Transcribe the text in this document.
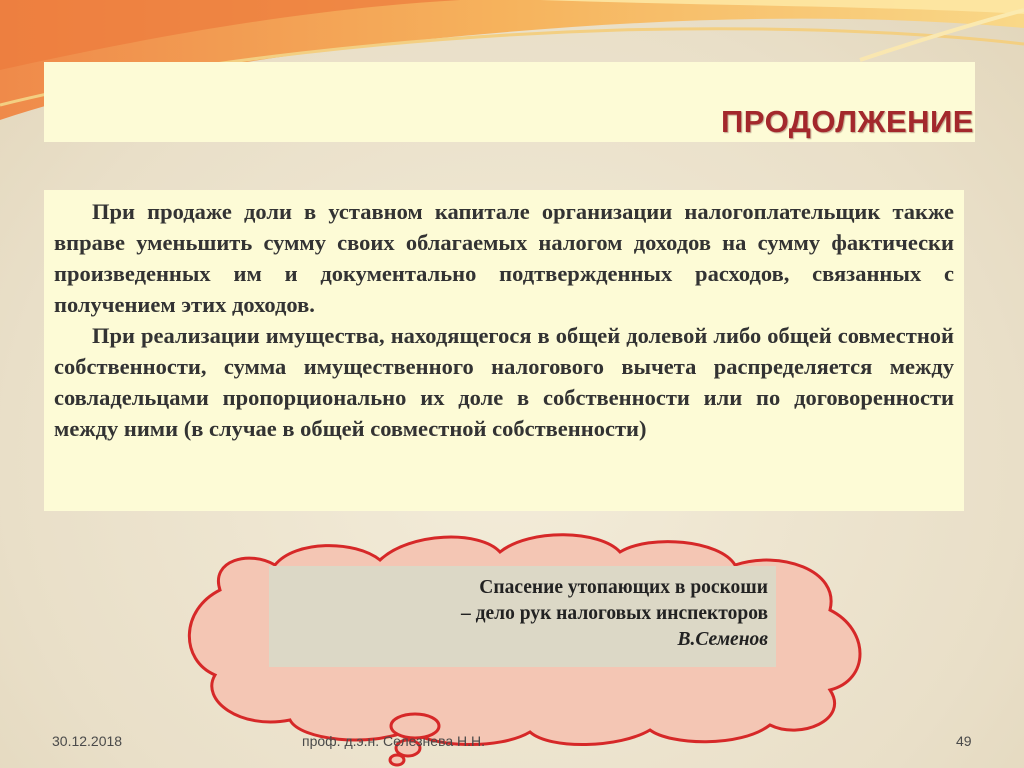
ПРОДОЛЖЕНИЕ

При продаже доли в уставном капитале организации налогоплательщик также вправе уменьшить сумму своих облагаемых налогом доходов на сумму фактически произведенных им и документально подтвержденных расходов, связанных с получением этих доходов.

При реализации имущества, находящегося в общей долевой либо общей совместной собственности, сумма имущественного налогового вычета распределяется между совладельцами пропорционально их доле в собственности или по договоренности между ними (в случае в общей совместной собственности)

Спасение утопающих в роскоши
– дело рук налоговых инспекторов
В.Семенов
30.12.2018	проф. д.э.н. Селезнева Н.Н.	49
